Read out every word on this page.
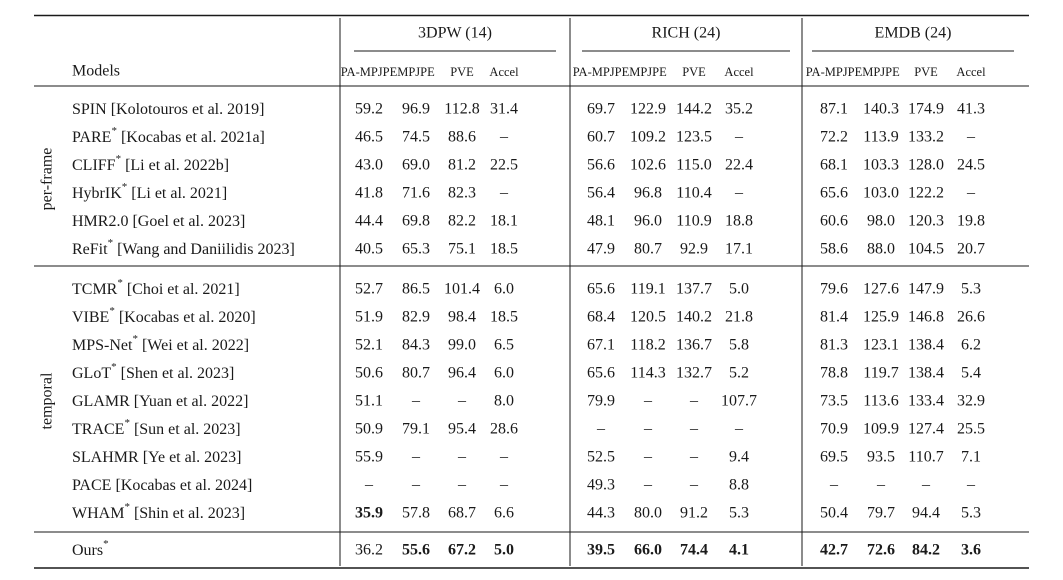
3DPW (14)	RICH (24)	EMDB (24)
Models	PA-MPJPE MPJPE PVE Accel	PA-MPJPE MPJPE PVE Accel	PA-MPJPE MPJPE PVE Accel
SPIN [Kolotouros et al. 2019]	59.2 96.9 112.8 31.4	69.7 122.9 144.2 35.2	87.1 140.3 174.9 41.3
PARE* [Kocabas et al. 2021a]	46.5 74.5 88.6 –	60.7 109.2 123.5 –	72.2 113.9 133.2 –
CLIFF* [Li et al. 2022b]	43.0 69.0 81.2 22.5	56.6 102.6 115.0 22.4	68.1 103.3 128.0 24.5
HybrIK* [Li et al. 2021]	41.8 71.6 82.3 –	56.4 96.8 110.4 –	65.6 103.0 122.2 –
HMR2.0 [Goel et al. 2023]	44.4 69.8 82.2 18.1	48.1 96.0 110.9 18.8	60.6 98.0 120.3 19.8
ReFit* [Wang and Daniilidis 2023]	40.5 65.3 75.1 18.5	47.9 80.7 92.9 17.1	58.6 88.0 104.5 20.7
per-frame
TCMR* [Choi et al. 2021]	52.7 86.5 101.4 6.0	65.6 119.1 137.7 5.0	79.6 127.6 147.9 5.3
VIBE* [Kocabas et al. 2020]	51.9 82.9 98.4 18.5	68.4 120.5 140.2 21.8	81.4 125.9 146.8 26.6
MPS-Net* [Wei et al. 2022]	52.1 84.3 99.0 6.5	67.1 118.2 136.7 5.8	81.3 123.1 138.4 6.2
GLoT* [Shen et al. 2023]	50.6 80.7 96.4 6.0	65.6 114.3 132.7 5.2	78.8 119.7 138.4 5.4
GLAMR [Yuan et al. 2022]	51.1 – – 8.0	79.9 – – 107.7	73.5 113.6 133.4 32.9
TRACE* [Sun et al. 2023]	50.9 79.1 95.4 28.6	– – – –	70.9 109.9 127.4 25.5
SLAHMR [Ye et al. 2023]	55.9 – – –	52.5 – – 9.4	69.5 93.5 110.7 7.1
PACE [Kocabas et al. 2024]	– – – –	49.3 – – 8.8	– – – –
WHAM* [Shin et al. 2023]	35.9 57.8 68.7 6.6	44.3 80.0 91.2 5.3	50.4 79.7 94.4 5.3
temporal
Ours*	36.2 55.6 67.2 5.0	39.5 66.0 74.4 4.1	42.7 72.6 84.2 3.6
